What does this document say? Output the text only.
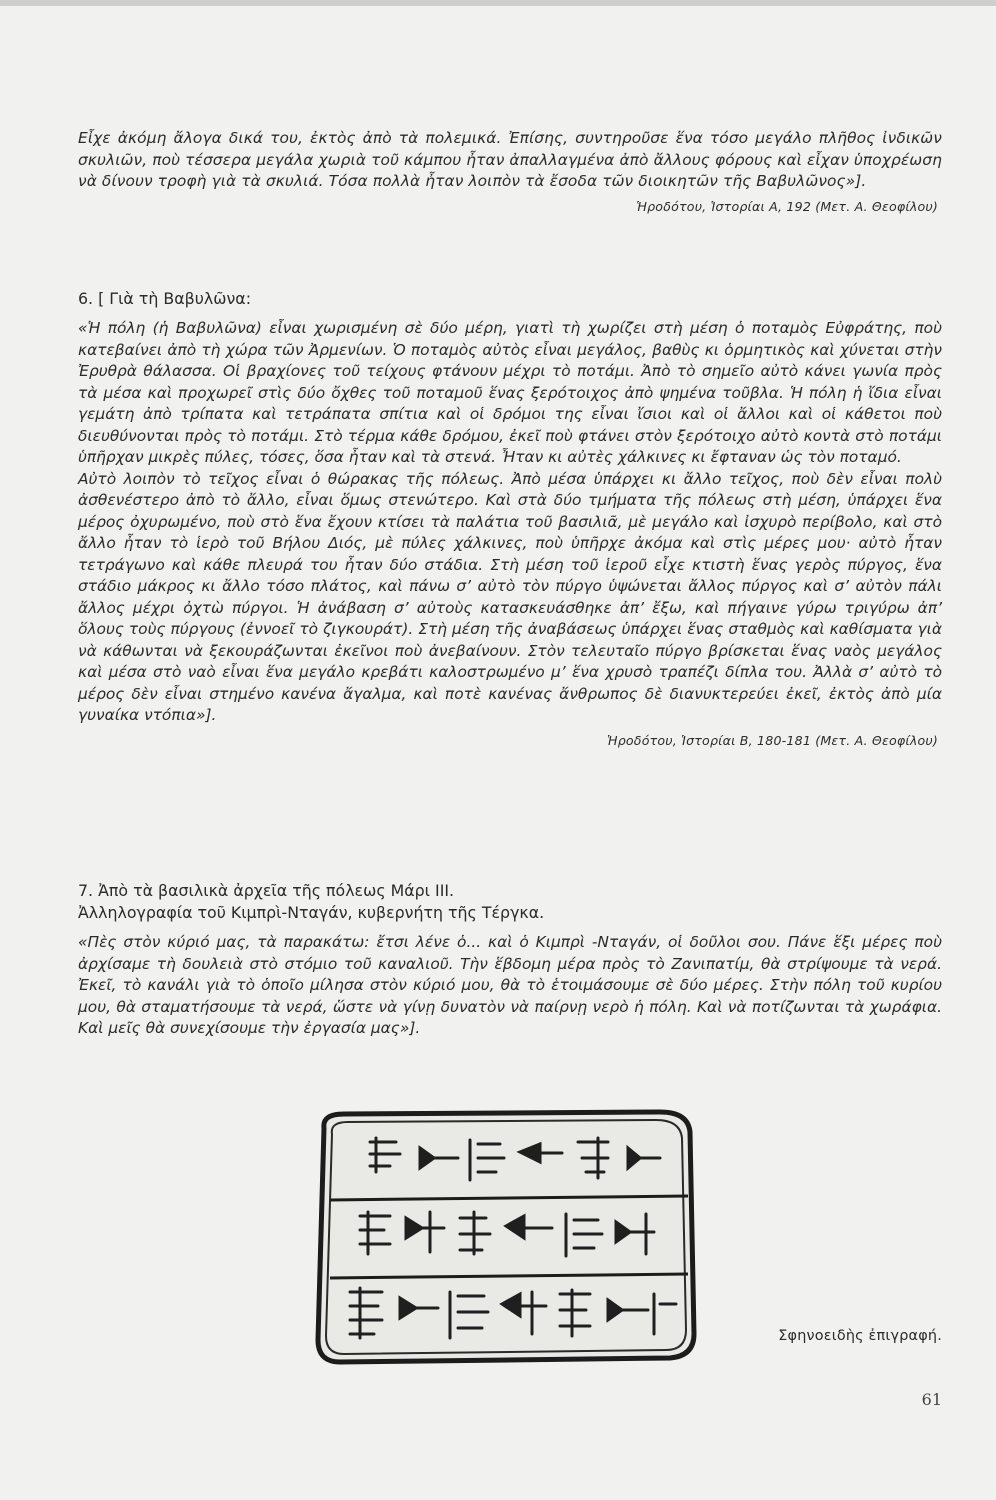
Εἶχε ἀκόμη ἄλογα δικά του, ἐκτὸς ἀπὸ τὰ πολεμικά. Ἐπίσης, συντηροῦσε ἕνα τόσο μεγάλο πλῆθος ἰνδικῶν σκυλιῶν, ποὺ τέσσερα μεγάλα χωριὰ τοῦ κάμπου ἦταν ἀπαλλαγμένα ἀπὸ ἄλλους φόρους καὶ εἶχαν ὑποχρέωση νὰ δίνουν τροφὴ γιὰ τὰ σκυλιά. Τόσα πολλὰ ἦταν λοιπὸν τὰ ἔσοδα τῶν διοικητῶν τῆς Βαβυλῶνος»].

Ἡροδότου, Ἱστορίαι Α, 192 (Μετ. Α. Θεοφίλου)

6. [ Γιὰ τὴ Βαβυλῶνα:

«Ἡ πόλη (ἡ Βαβυλῶνα) εἶναι χωρισμένη σὲ δύο μέρη, γιατὶ τὴ χωρίζει στὴ μέση ὁ ποταμὸς Εὐφράτης, ποὺ κατεβαίνει ἀπὸ τὴ χώρα τῶν Ἀρμενίων. Ὁ ποταμὸς αὐτὸς εἶναι μεγάλος, βαθὺς κι ὁρμητικὸς καὶ χύνεται στὴν Ἐρυθρὰ θάλασσα. Οἱ βραχίονες τοῦ τείχους φτάνουν μέχρι τὸ ποτάμι. Ἀπὸ τὸ σημεῖο αὐτὸ κάνει γωνία πρὸς τὰ μέσα καὶ προχωρεῖ στὶς δύο ὄχθες τοῦ ποταμοῦ ἕνας ξερότοιχος ἀπὸ ψημένα τοῦβλα. Ἡ πόλη ἡ ἴδια εἶναι γεμάτη ἀπὸ τρίπατα καὶ τετράπατα σπίτια καὶ οἱ δρόμοι της εἶναι ἴσιοι καὶ οἱ ἄλλοι καὶ οἱ κάθετοι ποὺ διευθύνονται πρὸς τὸ ποτάμι. Στὸ τέρμα κάθε δρόμου, ἐκεῖ ποὺ φτάνει στὸν ξερότοιχο αὐτὸ κοντὰ στὸ ποτάμι ὑπῆρχαν μικρὲς πύλες, τόσες, ὅσα ἦταν καὶ τὰ στενά. Ἦταν κι αὐτὲς χάλκινες κι ἔφταναν ὡς τὸν ποταμό.

Αὐτὸ λοιπὸν τὸ τεῖχος εἶναι ὁ θώρακας τῆς πόλεως. Ἀπὸ μέσα ὑπάρχει κι ἄλλο τεῖχος, ποὺ δὲν εἶναι πολὺ ἀσθενέστερο ἀπὸ τὸ ἄλλο, εἶναι ὅμως στενώτερο. Καὶ στὰ δύο τμήματα τῆς πόλεως στὴ μέση, ὑπάρχει ἕνα μέρος ὀχυρωμένο, ποὺ στὸ ἕνα ἔχουν κτίσει τὰ παλάτια τοῦ βασιλιᾶ, μὲ μεγάλο καὶ ἰσχυρὸ περίβολο, καὶ στὸ ἄλλο ἦταν τὸ ἱερὸ τοῦ Βήλου Διός, μὲ πύλες χάλκινες, ποὺ ὑπῆρχε ἀκόμα καὶ στὶς μέρες μου· αὐτὸ ἦταν τετράγωνο καὶ κάθε πλευρά του ἦταν δύο στάδια. Στὴ μέση τοῦ ἱεροῦ εἶχε κτιστὴ ἕνας γερὸς πύργος, ἕνα στάδιο μάκρος κι ἄλλο τόσο πλάτος, καὶ πάνω σ’ αὐτὸ τὸν πύργο ὑψώνεται ἄλλος πύργος καὶ σ’ αὐτὸν πάλι ἄλλος μέχρι ὀχτὼ πύργοι. Ἡ ἀνάβαση σ’ αὐτοὺς κατασκευάσθηκε ἀπ’ ἔξω, καὶ πήγαινε γύρω τριγύρω ἀπ’ ὅλους τοὺς πύργους (ἐννοεῖ τὸ ζιγκουράτ). Στὴ μέση τῆς ἀναβάσεως ὑπάρχει ἕνας σταθμὸς καὶ καθίσματα γιὰ νὰ κάθωνται νὰ ξεκουράζωνται ἐκεῖνοι ποὺ ἀνεβαίνουν. Στὸν τελευταῖο πύργο βρίσκεται ἕνας ναὸς μεγάλος καὶ μέσα στὸ ναὸ εἶναι ἕνα μεγάλο κρεβάτι καλοστρωμένο μ’ ἕνα χρυσὸ τραπέζι δίπλα του. Ἀλλὰ σ’ αὐτὸ τὸ μέρος δὲν εἶναι στημένο κανένα ἄγαλμα, καὶ ποτὲ κανένας ἄνθρωπος δὲ διανυκτερεύει ἐκεῖ, ἐκτὸς ἀπὸ μία γυναίκα ντόπια»].

Ἡροδότου, Ἱστορίαι Β, 180-181 (Μετ. Α. Θεοφίλου)

7. Ἀπὸ τὰ βασιλικὰ ἀρχεῖα τῆς πόλεως Μάρι ΙΙΙ.

Ἀλληλογραφία τοῦ Κιμπρὶ-Νταγάν, κυβερνήτη τῆς Τέργκα.

«Πὲς στὸν κύριό μας, τὰ παρακάτω: ἔτσι λένε ὁ... καὶ ὁ Κιμπρὶ -Νταγάν, οἱ δοῦλοι σου. Πάνε ἕξι μέρες ποὺ ἀρχίσαμε τὴ δουλειὰ στὸ στόμιο τοῦ καναλιοῦ. Τὴν ἕβδομη μέρα πρὸς τὸ Ζανιπατίμ, θὰ στρίψουμε τὰ νερά. Ἐκεῖ, τὸ κανάλι γιὰ τὸ ὁποῖο μίλησα στὸν κύριό μου, θὰ τὸ ἑτοιμάσουμε σὲ δύο μέρες. Στὴν πόλη τοῦ κυρίου μου, θὰ σταματήσουμε τὰ νερά, ὥστε νὰ γίνῃ δυνατὸν νὰ παίρνῃ νερὸ ἡ πόλη. Καὶ νὰ ποτίζωνται τὰ χωράφια. Καὶ μεῖς θὰ συνεχίσουμε τὴν ἐργασία μας»].

Σφηνοειδὴς ἐπιγραφή.
61
